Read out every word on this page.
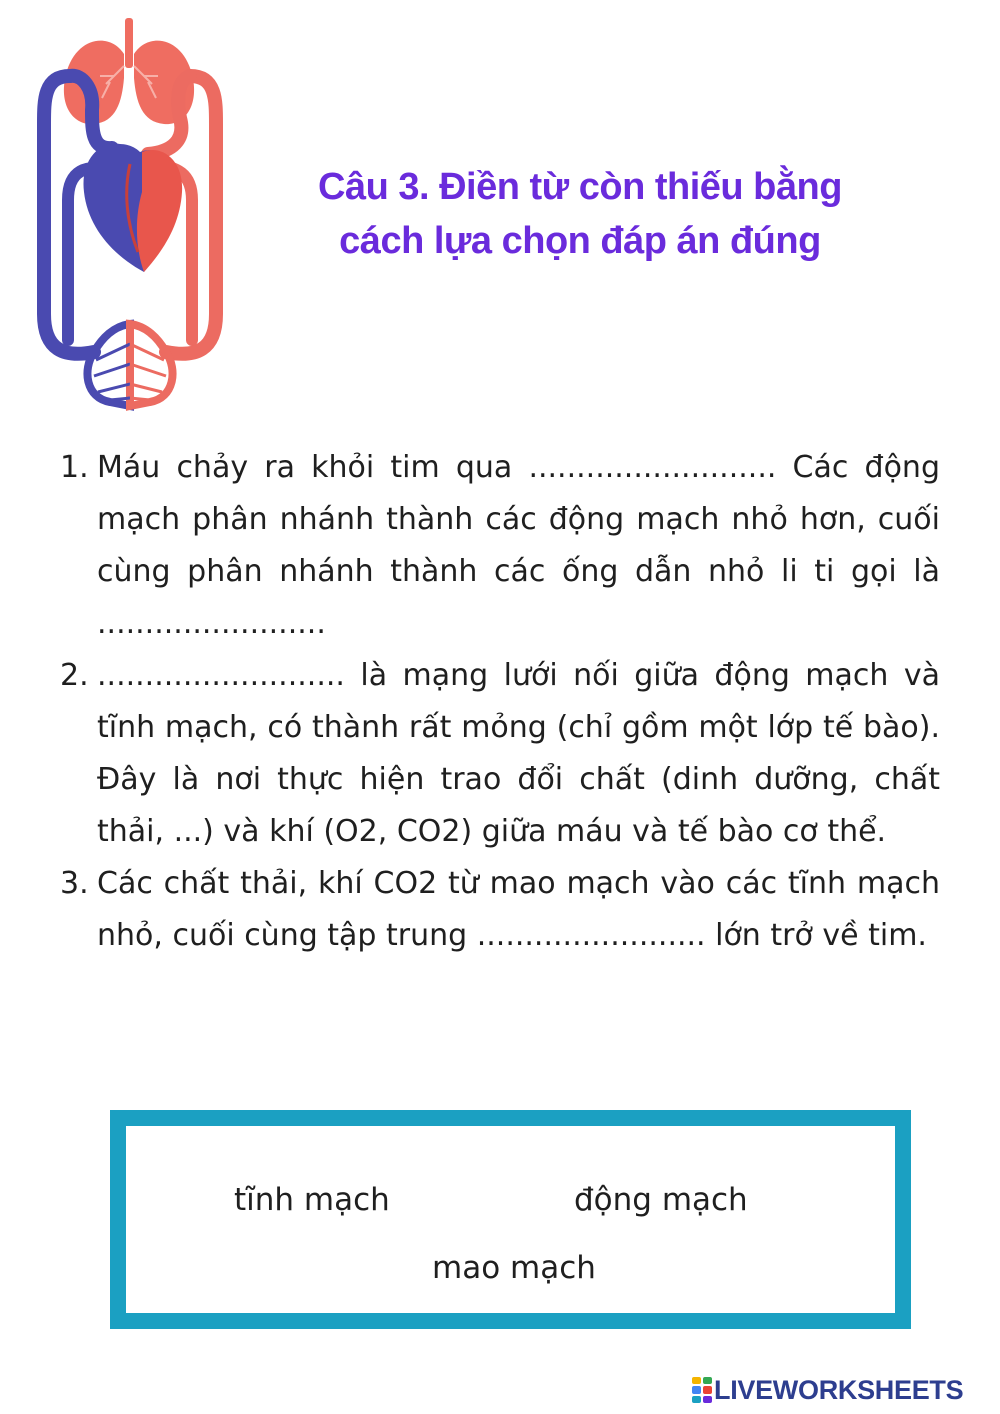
Câu 3. Điền từ còn thiếu bằng
cách lựa chọn đáp án đúng
1. Máu chảy ra khỏi tim qua .......................... Các động mạch phân nhánh thành các động mạch nhỏ hơn, cuối cùng phân nhánh thành các ống dẫn nhỏ li ti gọi là ........................
2. .......................... là mạng lưới nối giữa động mạch và tĩnh mạch, có thành rất mỏng (chỉ gồm một lớp tế bào). Đây là nơi thực hiện trao đổi chất (dinh dưỡng, chất thải, ...) và khí (O2, CO2) giữa máu và tế bào cơ thể.
3. Các chất thải, khí CO2 từ mao mạch vào các tĩnh mạch nhỏ, cuối cùng tập trung ........................ lớn trở về tim.
tĩnh mạch	động mạch
mao mạch
LIVEWORKSHEETS
